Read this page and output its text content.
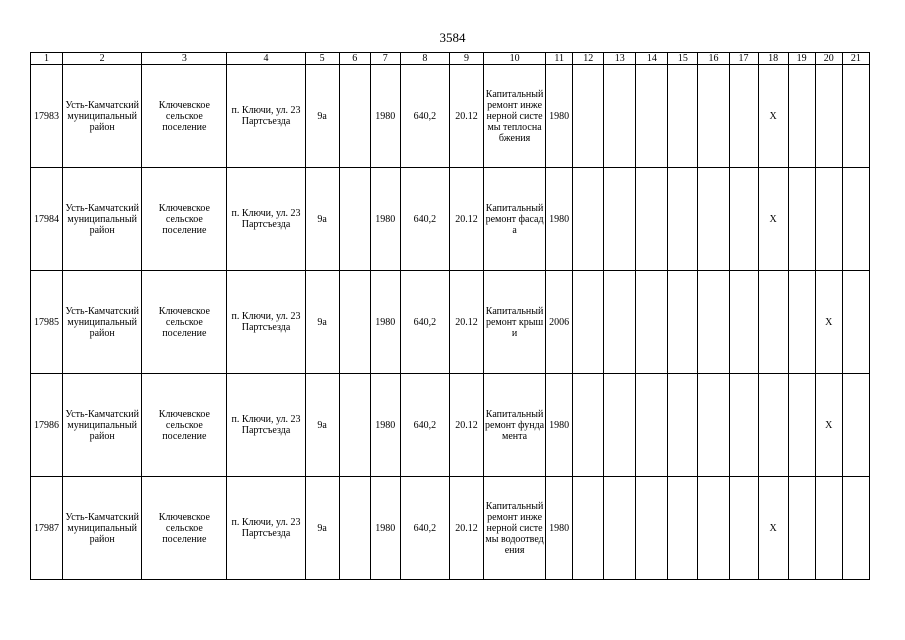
3584
1	2	3	4	5	6	7	8	9	10	11	12	13	14	15	16	17	18	19	20	21
17983	Усть-Камчатский муниципальный район	Ключевское сельское поселение	п. Ключи, ул. 23 Партсъезда	9а		1980	640,2	20.12	Капитальный ремонт инженерной системы теплоснабжения	1980							X			
17984	Усть-Камчатский муниципальный район	Ключевское сельское поселение	п. Ключи, ул. 23 Партсъезда	9а		1980	640,2	20.12	Капитальный ремонт фасада	1980							X			
17985	Усть-Камчатский муниципальный район	Ключевское сельское поселение	п. Ключи, ул. 23 Партсъезда	9а		1980	640,2	20.12	Капитальный ремонт крыши	2006									X	
17986	Усть-Камчатский муниципальный район	Ключевское сельское поселение	п. Ключи, ул. 23 Партсъезда	9а		1980	640,2	20.12	Капитальный ремонт фундамента	1980									X	
17987	Усть-Камчатский муниципальный район	Ключевское сельское поселение	п. Ключи, ул. 23 Партсъезда	9а		1980	640,2	20.12	Капитальный ремонт инженерной системы водоотведения	1980							X			
